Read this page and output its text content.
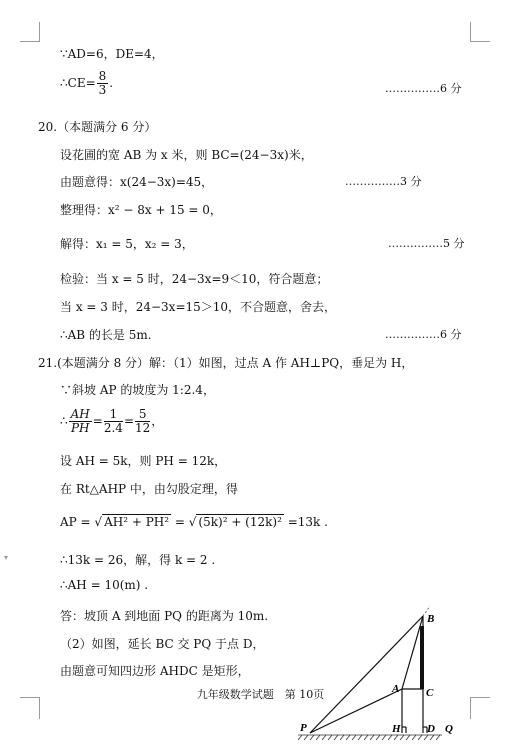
▾
∵AD=6，DE=4，
∴CE= $\frac{8}{3}$ .	……………6 分
20.（本题满分 6 分）
设花圃的宽 AB 为 x 米，则 BC=(24−3x)米，
由题意得：x(24−3x)=45，	……………3 分
整理得：x² − 8x + 15 = 0，
解得：x₁ = 5，x₂ = 3，	……………5 分
检验：当 x = 5 时，24−3x=9＜10，符合题意；
当 x = 3 时，24−3x=15＞10，不合题意，舍去，
∴AB 的长是 5m.	……………6 分
21.(本题满分 8 分）解：（1）如图，过点 A 作 AH⊥PQ，垂足为 H，
∵斜坡 AP 的坡度为 1:2.4，
∴ $\frac{AH}{PH} = \frac{1}{2.4} = \frac{5}{12}$ ，
设 AH = 5k，则 PH = 12k，
在 Rt△AHP 中，由勾股定理，得
AP = √ AH² + PH² = √ (5k)² + (12k)² =13k .
∴13k = 26，解，得 k = 2 .
∴AH = 10(m) .
答：坡顶 A 到地面 PQ 的距离为 10m.
（2）如图，延长 BC 交 PQ 于点 D，
由题意可知四边形 AHDC 是矩形，
九年级数学试题　第 10页
B
A C
P	H D Q
